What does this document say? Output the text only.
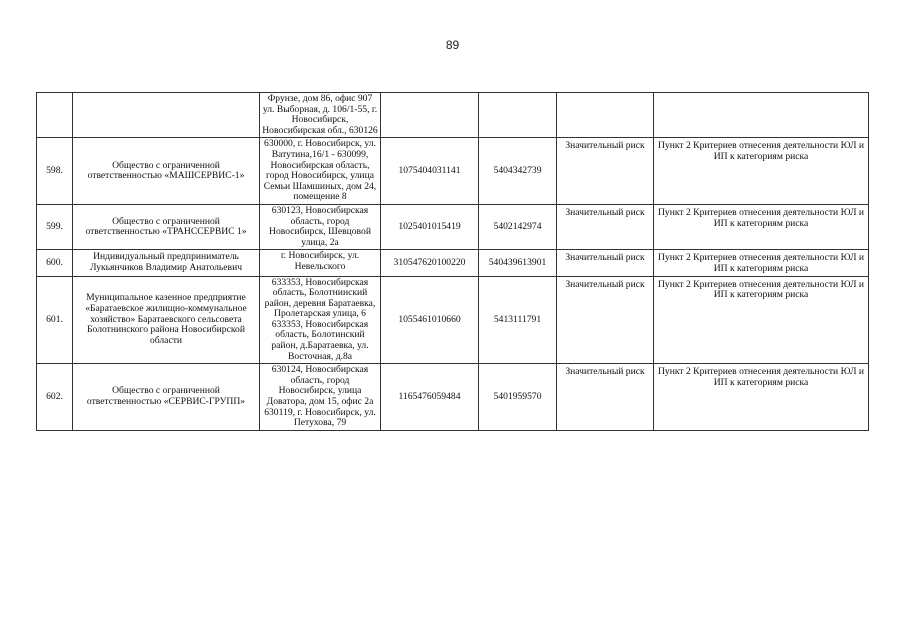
89
		Фрунзе, дом 86, офис 907
ул. Выборная, д. 106/1-55, г. Новосибирск, Новосибирская обл., 630126			

598.	Общество с ограниченной ответственностью «МАШСЕРВИС-1»	630000, г. Новосибирск, ул. Ватутина,16/1 - 630099, Новосибирская область, город Новосибирск, улица Семьи Шамшиных, дом 24, помещение 8	1075404031141	5404342739	Значительный риск	Пункт 2 Критериев отнесения деятельности ЮЛ и ИП к категориям риска

599.	Общество с ограниченной ответственностью «ТРАНССЕРВИС 1»	630123, Новосибирская область, город Новосибирск, Шевцовой улица, 2а	1025401015419	5402142974	Значительный риск	Пункт 2 Критериев отнесения деятельности ЮЛ и ИП к категориям риска

600.	Индивидуальный предприниматель Лукьянчиков Владимир Анатольевич	г. Новосибирск, ул. Невельского	310547620100220	540439613901	Значительный риск	Пункт 2 Критериев отнесения деятельности ЮЛ и ИП к категориям риска

601.	Муниципальное казенное предприятие «Баратаевское жилищно-коммунальное хозяйство» Баратаевского сельсовета Болотнинского района Новосибирской области	633353, Новосибирская область, Болотнинский район, деревня Баратаевка, Пролетарская улица, 6 633353, Новосибирская область, Болотинский район, д.Баратаевка, ул. Восточная, д.8а	1055461010660	5413111791	Значительный риск	Пункт 2 Критериев отнесения деятельности ЮЛ и ИП к категориям риска

602.	Общество с ограниченной ответственностью «СЕРВИС-ГРУПП»	630124, Новосибирская область, город Новосибирск, улица Доватора, дом 15, офис 2а
630119, г. Новосибирск, ул. Петухова, 79	1165476059484	5401959570	Значительный риск	Пункт 2 Критериев отнесения деятельности ЮЛ и ИП к категориям риска
